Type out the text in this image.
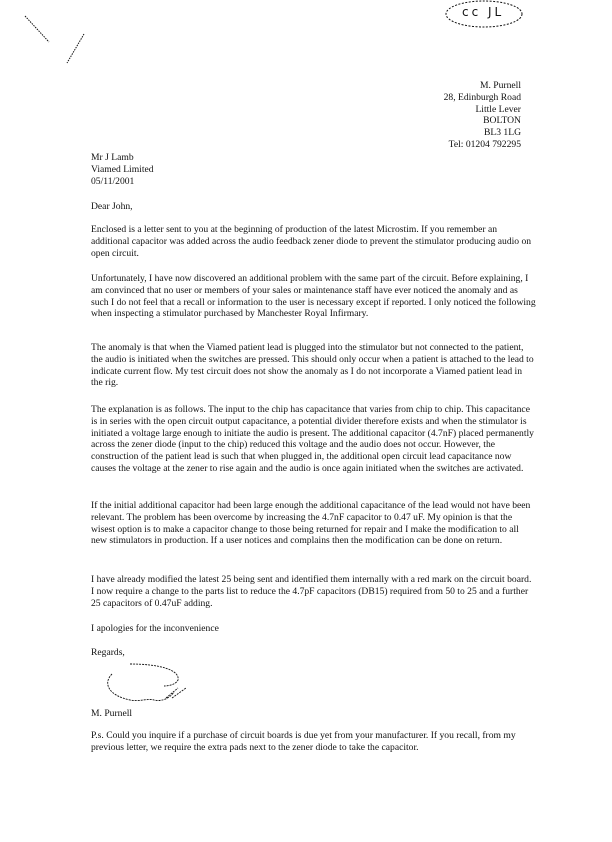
cc JL
M. Purnell
28, Edinburgh Road
Little Lever
BOLTON
BL3 1LG
Tel: 01204 792295
Mr J Lamb
Viamed Limited
05/11/2001
Dear John,

Enclosed is a letter sent to you at the beginning of production of the latest Microstim. If you remember an additional capacitor was added across the audio feedback zener diode to prevent the stimulator producing audio on open circuit.

Unfortunately, I have now discovered an additional problem with the same part of the circuit. Before explaining, I am convinced that no user or members of your sales or maintenance staff have ever noticed the anomaly and as such I do not feel that a recall or information to the user is necessary except if reported. I only noticed the following when inspecting a stimulator purchased by Manchester Royal Infirmary.

The anomaly is that when the Viamed patient lead is plugged into the stimulator but not connected to the patient, the audio is initiated when the switches are pressed. This should only occur when a patient is attached to the lead to indicate current flow. My test circuit does not show the anomaly as I do not incorporate a Viamed patient lead in the rig.

The explanation is as follows. The input to the chip has capacitance that varies from chip to chip. This capacitance is in series with the open circuit output capacitance, a potential divider therefore exists and when the stimulator is initiated a voltage large enough to initiate the audio is present. The additional capacitor (4.7nF) placed permanently across the zener diode (input to the chip) reduced this voltage and the audio does not occur. However, the construction of the patient lead is such that when plugged in, the additional open circuit lead capacitance now causes the voltage at the zener to rise again and the audio is once again initiated when the switches are activated.

If the initial additional capacitor had been large enough the additional capacitance of the lead would not have been relevant. The problem has been overcome by increasing the 4.7nF capacitor to 0.47 uF. My opinion is that the wisest option is to make a capacitor change to those being returned for repair and I make the modification to all new stimulators in production. If a user notices and complains then the modification can be done on return.

I have already modified the latest 25 being sent and identified them internally with a red mark on the circuit board. I now require a change to the parts list to reduce the 4.7pF capacitors (DB15) required from 50 to 25 and a further 25 capacitors of 0.47uF adding.

I apologies for the inconvenience

Regards,
M. Purnell

P.s. Could you inquire if a purchase of circuit boards is due yet from your manufacturer. If you recall, from my previous letter, we require the extra pads next to the zener diode to take the capacitor.
